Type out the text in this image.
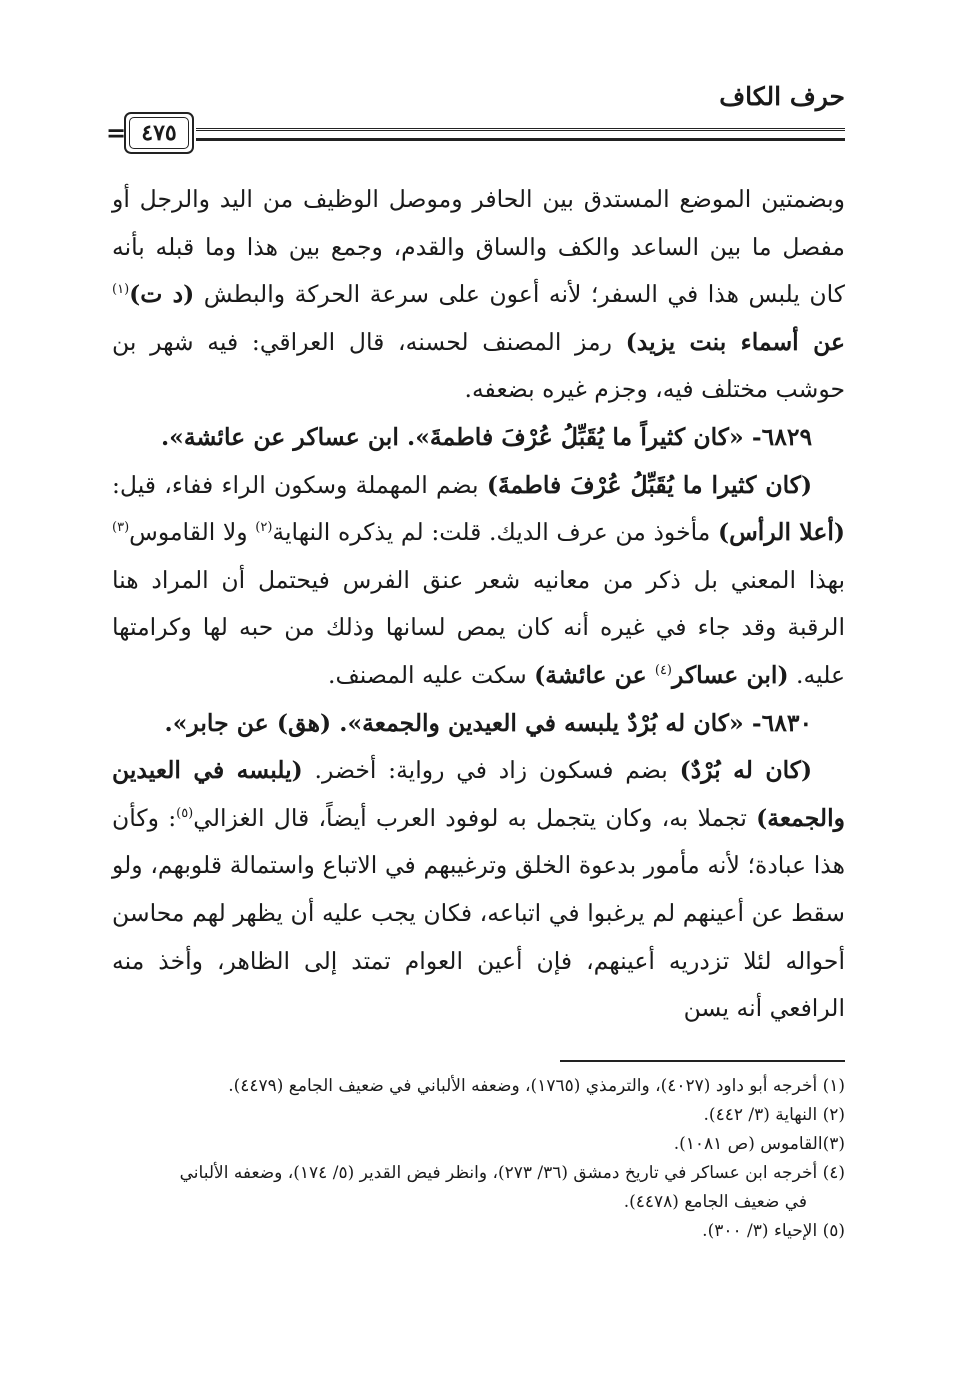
حرف الكاف
٤٧٥
=

وبضمتين الموضع المستدق بين الحافر وموصل الوظيف من اليد والرجل أو مفصل ما بين الساعد والكف والساق والقدم، وجمع بين هذا وما قبله بأنه كان يلبس هذا في السفر؛ لأنه أعون على سرعة الحركة والبطش (د ت)$^{(١)}$ عن أسماء بنت يزيد) رمز المصنف لحسنه، قال العراقي: فيه شهر بن حوشب مختلف فيه، وجزم غيره بضعفه.

٦٨٢٩- «كان كثيراً ما يُقَبِّلُ عُرْفَ فاطمةَ». ابن عساكر عن عائشة».

(كان كثيرا ما يُقَبِّلُ عُرْفَ فاطمةَ) بضم المهملة وسكون الراء ففاء، قيل: (أعلا الرأس) مأخوذ من عرف الديك. قلت: لم يذكره النهاية$^{(٢)}$ ولا القاموس$^{(٣)}$ بهذا المعني بل ذكر من معانيه شعر عنق الفرس فيحتمل أن المراد هنا الرقبة وقد جاء في غيره أنه كان يمص لسانها وذلك من حبه لها وكرامتها عليه. (ابن عساكر$^{(٤)}$ عن عائشة) سكت عليه المصنف.

٦٨٣٠- «كان له بُرْدٌ يلبسه في العيدين والجمعة». (هق) عن جابر».

(كان له بُرْدٌ) بضم فسكون زاد في رواية: أخضر. (يلبسه في العيدين والجمعة) تجملا به، وكان يتجمل به لوفود العرب أيضاً، قال الغزالي$^{(٥)}$: وكأن هذا عبادة؛ لأنه مأمور بدعوة الخلق وترغيبهم في الاتباع واستمالة قلوبهم، ولو سقط عن أعينهم لم يرغبوا في اتباعه، فكان يجب عليه أن يظهر لهم محاسن أحواله لئلا تزدريه أعينهم، فإن أعين العوام تمتد إلى الظاهر، وأخذ منه الرافعي أنه يسن

(١) أخرجه أبو داود (٤٠٢٧)، والترمذي (١٧٦٥)، وضعفه الألباني في ضعيف الجامع (٤٤٧٩).

(٢) النهاية (٣/ ٤٤٢).

(٣)القاموس (ص ١٠٨١).

(٤) أخرجه ابن عساكر في تاريخ دمشق (٣٦/ ٢٧٣)، وانظر فيض القدير (٥/ ١٧٤)، وضعفه الألباني

في ضعيف الجامع (٤٤٧٨).

(٥) الإحياء (٣/ ٣٠٠).
